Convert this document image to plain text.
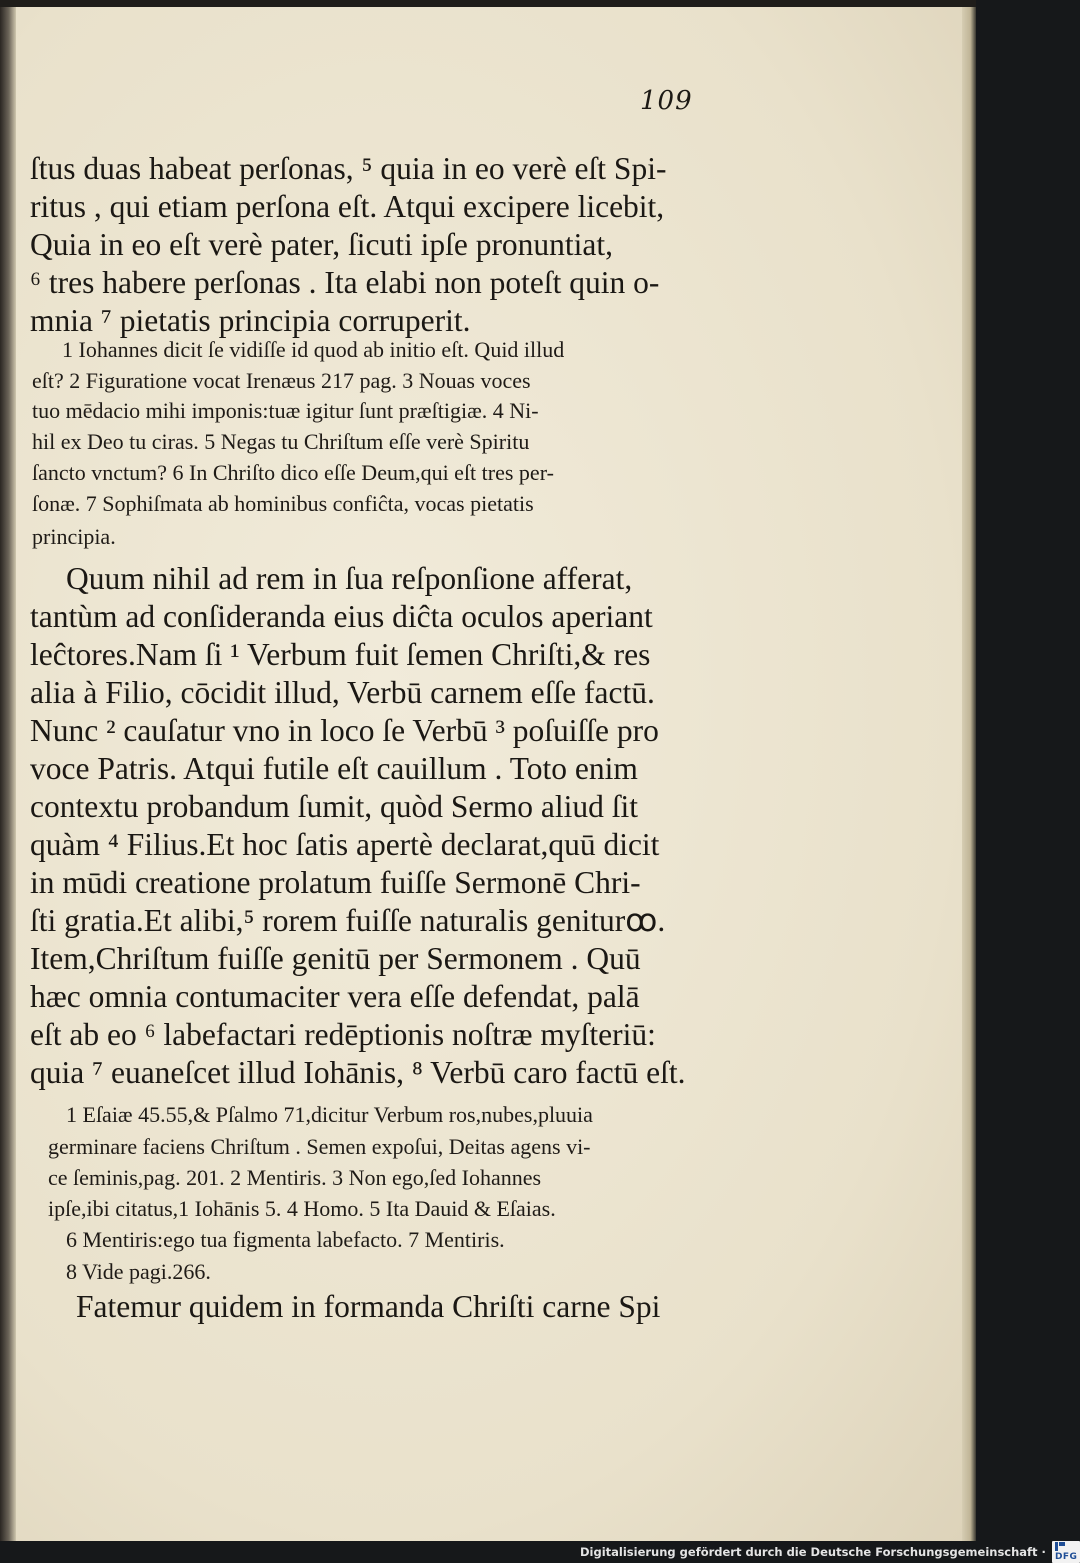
109
ſtus duas habeat perſonas, ⁵ quia in eo verè eſt Spi-
ritus , qui etiam perſona eſt. Atqui excipere licebit,
Quia in eo eſt verè pater, ſicuti ipſe pronuntiat,
⁶ tres habere perſonas . Ita elabi non poteſt quin o-
mnia ⁷ pietatis principia corruperit.
1 Iohannes dicit ſe vidiſſe id quod ab initio eſt. Quid illud
eſt? 2 Figuratione vocat Irenæus 217 pag. 3 Nouas voces
tuo mēdacio mihi imponis:tuæ igitur ſunt præſtigiæ. 4 Ni-
hil ex Deo tu ciras. 5 Negas tu Chriſtum eſſe verè Spiritu
ſancto vnctum? 6 In Chriſto dico eſſe Deum,qui eſt tres per-
ſonæ. 7 Sophiſmata ab hominibus confiĉta, vocas pietatis
principia.
Quum nihil ad rem in ſua reſponſione afferat,
tantùm ad conſideranda eius diĉta oculos aperiant
leĉtores.Nam ſi ¹ Verbum fuit ſemen Chriſti,& res
alia à Filio, cōcidit illud, Verbū carnem eſſe factū.
Nunc ² cauſatur vno in loco ſe Verbū ³ poſuiſſe pro
voce Patris. Atqui futile eſt cauillum . Toto enim
contextu probandum ſumit, quòd Sermo aliud ſit
quàm ⁴ Filius.Et hoc ſatis apertè declarat,quū dicit
in mūdi creatione prolatum fuiſſe Sermonē Chri-
ſti gratia.Et alibi,⁵ rorem fuiſſe naturalis geniturꝏ.
Item,Chriſtum fuiſſe genitū per Sermonem . Quū
hæc omnia contumaciter vera eſſe defendat, palā
eſt ab eo ⁶ labefactari redēptionis noſtræ myſteriū:
quia ⁷ euaneſcet illud Iohānis, ⁸ Verbū caro factū eſt.
1 Eſaiæ 45.55,& Pſalmo 71,dicitur Verbum ros,nubes,pluuia
germinare faciens Chriſtum . Semen expoſui, Deitas agens vi-
ce ſeminis,pag. 201. 2 Mentiris. 3 Non ego,ſed Iohannes
ipſe,ibi citatus,1 Iohānis 5. 4 Homo. 5 Ita Dauid & Eſaias.
6 Mentiris:ego tua figmenta labefacto. 7 Mentiris.
8 Vide pagi.266.
Fatemur quidem in formanda Chriſti carne Spi
Digitalisierung gefördert durch die Deutsche Forschungsgemeinschaft ·	DFG
